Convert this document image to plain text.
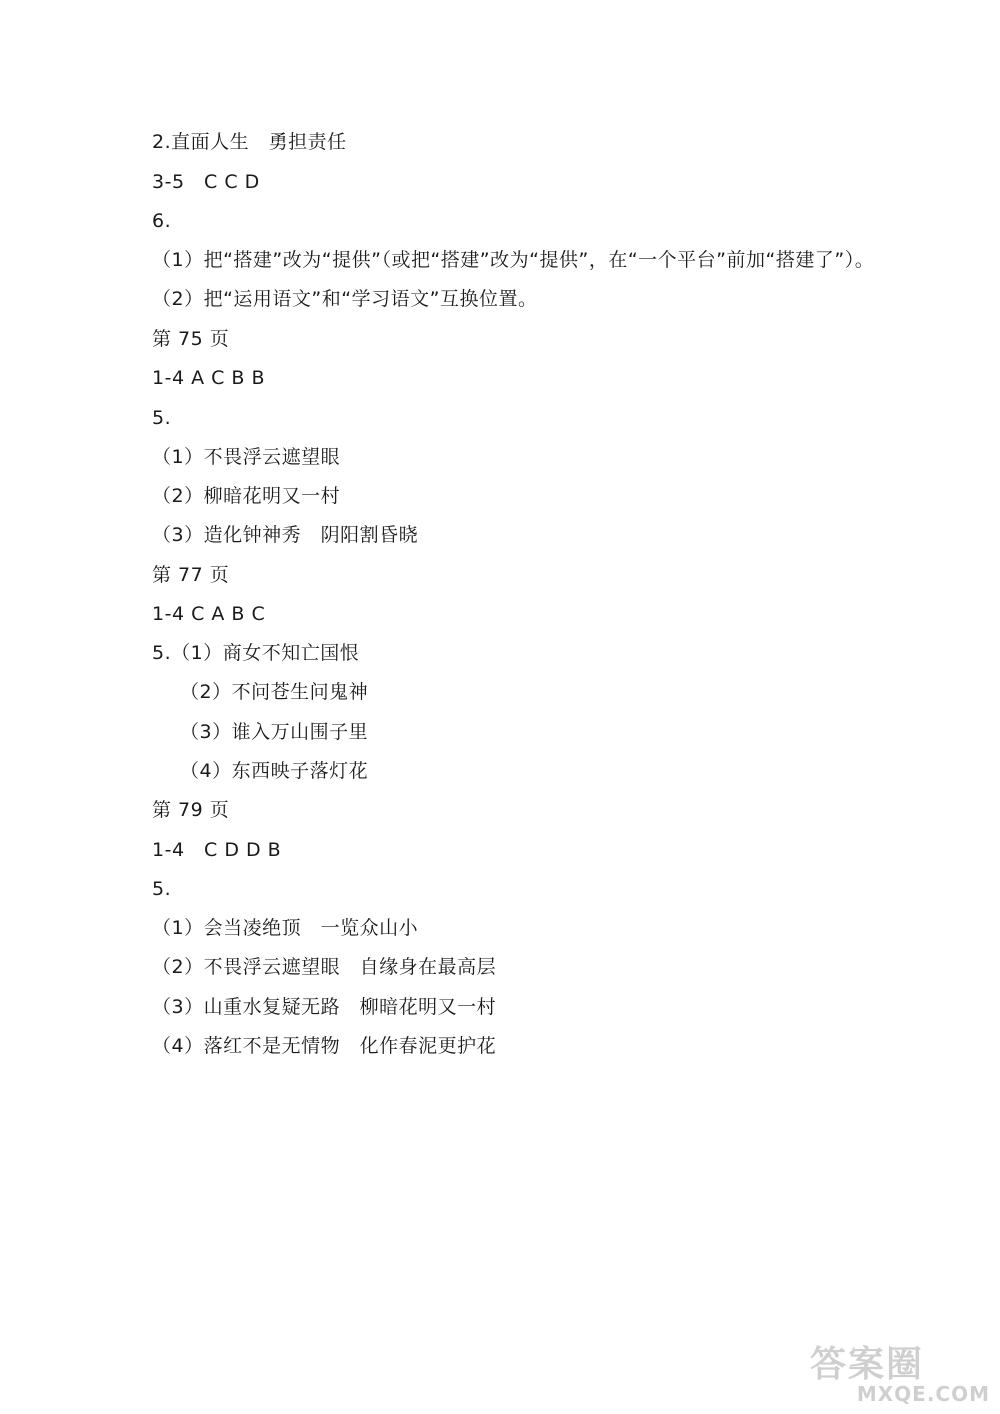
2.直面人生　勇担责任
3-5　C C D
6.
（1）把“搭建”改为“提供”（或把“搭建”改为“提供”，在“一个平台”前加“搭建了”）。
（2）把“运用语文”和“学习语文”互换位置。
第 75 页
1-4 A C B B
5.
（1）不畏浮云遮望眼
（2）柳暗花明又一村
（3）造化钟神秀　阴阳割昏晓
第 77 页
1-4 C A B C
5.（1）商女不知亡国恨
（2）不问苍生问鬼神
（3）谁入万山围子里
（4）东西映子落灯花
第 79 页
1-4　C D D B
5.
（1）会当凌绝顶　一览众山小
（2）不畏浮云遮望眼　自缘身在最高层
（3）山重水复疑无路　柳暗花明又一村
（4）落红不是无情物　化作春泥更护花
答案圈
MXQE.COM
